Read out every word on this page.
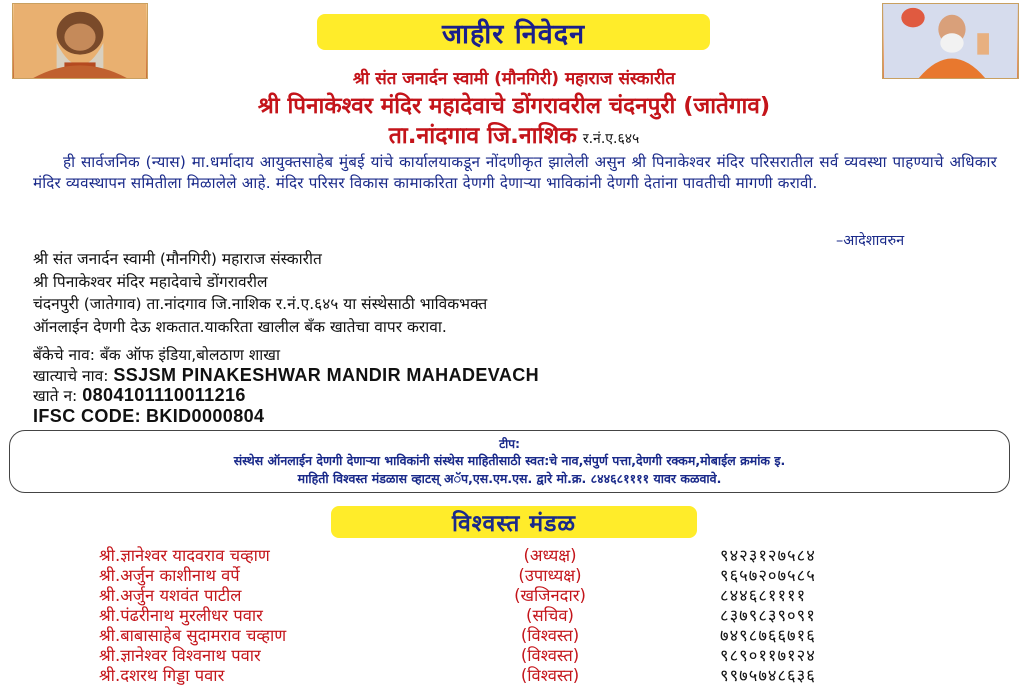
जाहीर निवेदन
श्री संत जनार्दन स्वामी (मौनगिरी) महाराज संस्कारीत
श्री पिनाकेश्वर मंदिर महादेवाचे डोंगरावरील चंदनपुरी (जातेगाव)
ता.नांदगाव जि.नाशिक र.नं.ए.६४५
ही सार्वजनिक (न्यास) मा.धर्मादाय आयुक्तसाहेब मुंबई यांचे कार्यालयाकडून नोंदणीकृत झालेली असुन श्री पिनाकेश्वर मंदिर परिसरातील सर्व व्यवस्था पाहण्याचे अधिकार मंदिर व्यवस्थापन समितीला मिळालेले आहे. मंदिर परिसर विकास कामाकरिता देणगी देणाऱ्या भाविकांनी देणगी देतांना पावतीची मागणी करावी.
–आदेशावरुन
श्री संत जनार्दन स्वामी (मौनगिरी) महाराज संस्कारीत
श्री पिनाकेश्वर मंदिर महादेवाचे डोंगरावरील
चंदनपुरी (जातेगाव) ता.नांदगाव जि.नाशिक र.नं.ए.६४५ या संस्थेसाठी भाविकभक्त
ऑनलाईन देणगी देऊ शकतात.याकरिता खालील बँक खातेचा वापर करावा.
बँकेचे नाव: बँक ऑफ इंडिया,बोलठाण शाखा
खात्याचे नाव: SSJSM PINAKESHWAR MANDIR MAHADEVACH
खाते न: 0804101110011216
IFSC CODE: BKID0000804
टीप:
संस्थेस ऑनलाईन देणगी देणाऱ्या भाविकांनी संस्थेस माहितीसाठी स्वत:चे नाव,संपुर्ण पत्ता,देणगी रक्कम,मोबाईल क्रमांक इ.
माहिती विश्वस्त मंडळास व्हाटस् अॅप,एस.एम.एस. द्वारे मो.क्र. ८४४६८११११ यावर कळवावे.
विश्वस्त मंडळ
श्री.ज्ञानेश्वर यादवराव चव्हाण	(अध्यक्ष)	९४२३१२७५८४
श्री.अर्जुन काशीनाथ वर्पे	(उपाध्यक्ष)	९६५७२०७५८५
श्री.अर्जुन यशवंत पाटील	(खजिनदार)	८४४६८११११
श्री.पंढरीनाथ मुरलीधर पवार	(सचिव)	८३७९८३९०९१
श्री.बाबासाहेब सुदामराव चव्हाण	(विश्वस्त)	७४९८७६६७१६
श्री.ज्ञानेश्वर विश्वनाथ पवार	(विश्वस्त)	९८९०११७१२४
श्री.दशरथ गिड्डा पवार	(विश्वस्त)	९९७५७४८६३६
